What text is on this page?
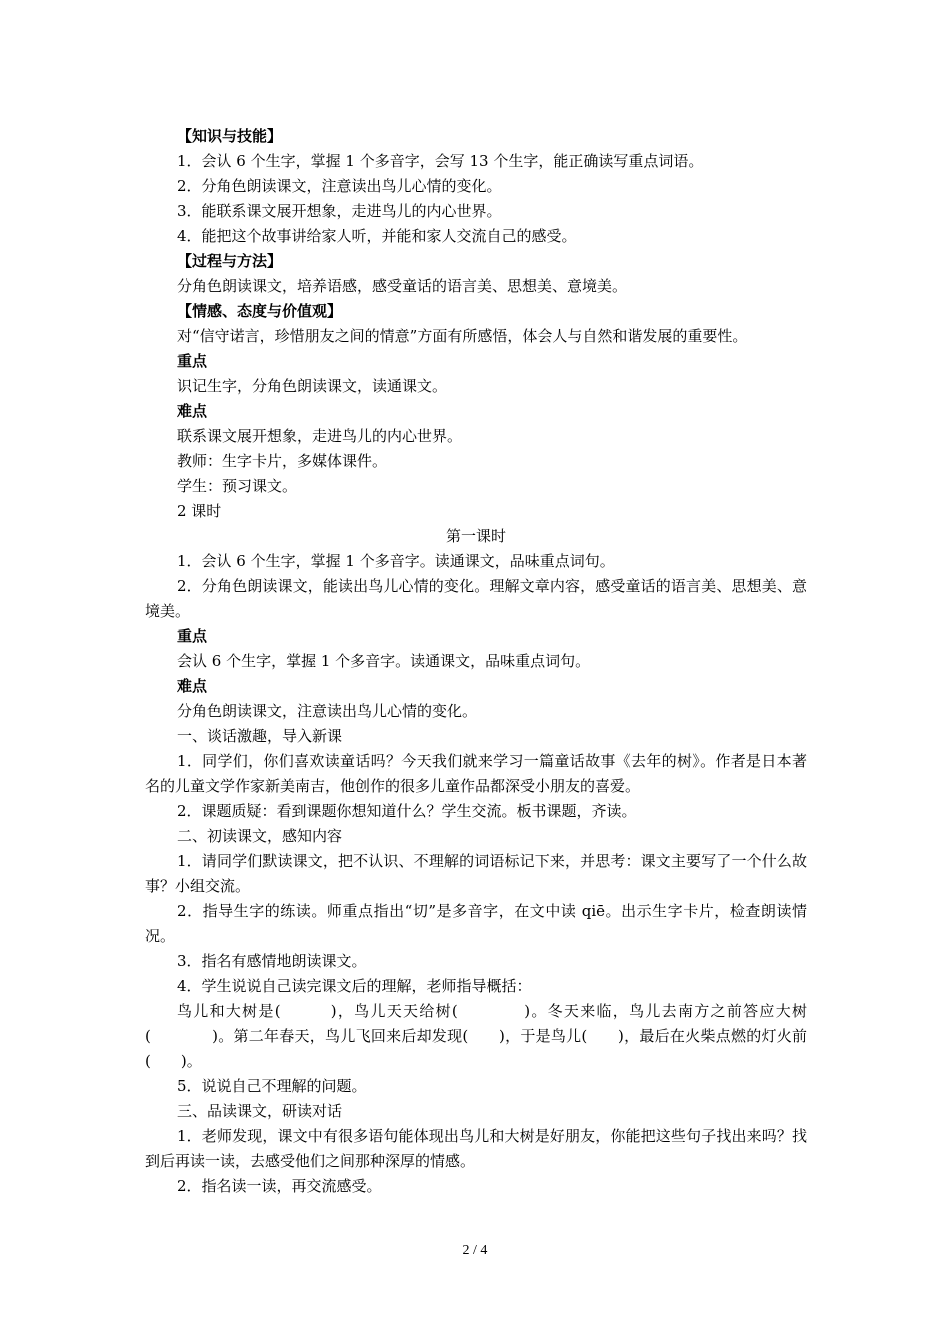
【知识与技能】

1．会认 6 个生字，掌握 1 个多音字，会写 13 个生字，能正确读写重点词语。

2．分角色朗读课文，注意读出鸟儿心情的变化。

3．能联系课文展开想象，走进鸟儿的内心世界。

4．能把这个故事讲给家人听，并能和家人交流自己的感受。

【过程与方法】

分角色朗读课文，培养语感，感受童话的语言美、思想美、意境美。

【情感、态度与价值观】

对“信守诺言，珍惜朋友之间的情意”方面有所感悟，体会人与自然和谐发展的重要性。

重点

识记生字，分角色朗读课文，读通课文。

难点

联系课文展开想象，走进鸟儿的内心世界。

教师：生字卡片，多媒体课件。

学生：预习课文。

2 课时

第一课时

1．会认 6 个生字，掌握 1 个多音字。读通课文，品味重点词句。

2．分角色朗读课文，能读出鸟儿心情的变化。理解文章内容，感受童话的语言美、思想美、意境美。

重点

会认 6 个生字，掌握 1 个多音字。读通课文，品味重点词句。

难点

分角色朗读课文，注意读出鸟儿心情的变化。

一、谈话激趣，导入新课

1．同学们，你们喜欢读童话吗？今天我们就来学习一篇童话故事《去年的树》。作者是日本著名的儿童文学作家新美南吉，他创作的很多儿童作品都深受小朋友的喜爱。

2．课题质疑：看到课题你想知道什么？学生交流。板书课题，齐读。

二、初读课文，感知内容

1．请同学们默读课文，把不认识、不理解的词语标记下来，并思考：课文主要写了一个什么故事？小组交流。

2．指导生字的练读。师重点指出“切”是多音字，在文中读 qiē。出示生字卡片，检查朗读情况。

3．指名有感情地朗读课文。

4．学生说说自己读完课文后的理解，老师指导概括：

鸟儿和大树是(　　　)，鸟儿天天给树(　　　　)。冬天来临，鸟儿去南方之前答应大树 (　　　　)。第二年春天，鸟儿飞回来后却发现(　　)，于是鸟儿(　　)，最后在火柴点燃的灯火前(　　)。

5．说说自己不理解的问题。

三、品读课文，研读对话

1．老师发现，课文中有很多语句能体现出鸟儿和大树是好朋友，你能把这些句子找出来吗？找到后再读一读，去感受他们之间那种深厚的情感。

2．指名读一读，再交流感受。

2 / 4
